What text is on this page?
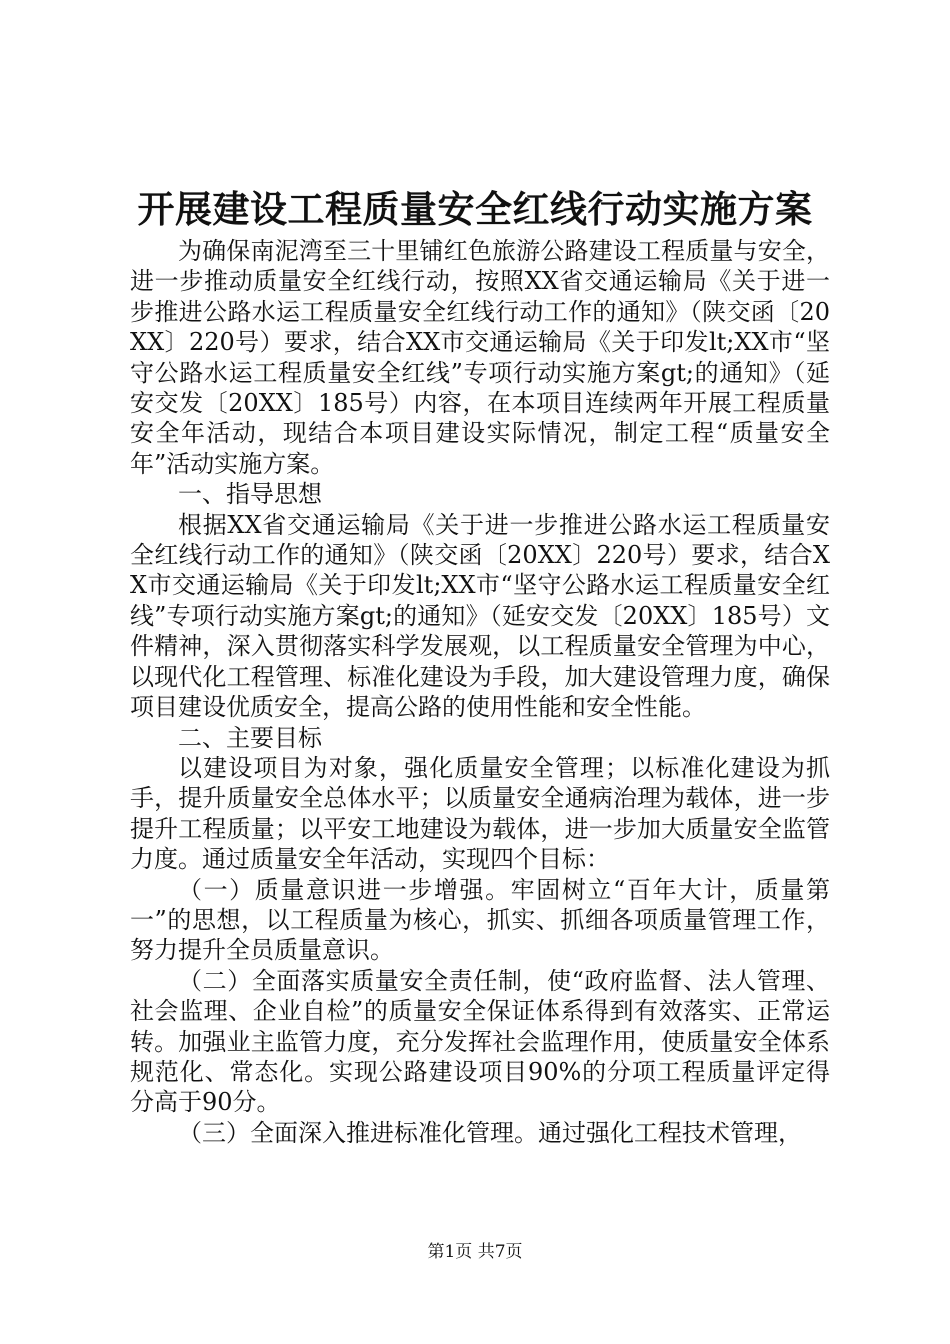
开展建设工程质量安全红线行动实施方案

为确保南泥湾至三十里铺红色旅游公路建设工程质量与安全，进一步推动质量安全红线行动，按照XX省交通运输局《关于进一步推进公路水运工程质量安全红线行动工作的通知》（陕交函〔20XX〕220号）要求，结合XX市交通运输局《关于印发lt;XX市“坚守公路水运工程质量安全红线”专项行动实施方案gt;的通知》（延安交发〔20XX〕185号）内容，在本项目连续两年开展工程质量安全年活动，现结合本项目建设实际情况，制定工程“质量安全年”活动实施方案。

一、指导思想

根据XX省交通运输局《关于进一步推进公路水运工程质量安全红线行动工作的通知》（陕交函〔20XX〕220号）要求，结合XX市交通运输局《关于印发lt;XX市“坚守公路水运工程质量安全红线”专项行动实施方案gt;的通知》（延安交发〔20XX〕185号）文件精神，深入贯彻落实科学发展观，以工程质量安全管理为中心，以现代化工程管理、标准化建设为手段，加大建设管理力度，确保项目建设优质安全，提高公路的使用性能和安全性能。

二、主要目标

以建设项目为对象，强化质量安全管理；以标准化建设为抓手，提升质量安全总体水平；以质量安全通病治理为载体，进一步提升工程质量；以平安工地建设为载体，进一步加大质量安全监管力度。通过质量安全年活动，实现四个目标：

（一）质量意识进一步增强。牢固树立“百年大计，质量第一”的思想，以工程质量为核心，抓实、抓细各项质量管理工作，努力提升全员质量意识。

（二）全面落实质量安全责任制，使“政府监督、法人管理、社会监理、企业自检”的质量安全保证体系得到有效落实、正常运转。加强业主监管力度，充分发挥社会监理作用，使质量安全体系规范化、常态化。实现公路建设项目90%的分项工程质量评定得分高于90分。

（三）全面深入推进标准化管理。通过强化工程技术管理，

第1页 共7页
